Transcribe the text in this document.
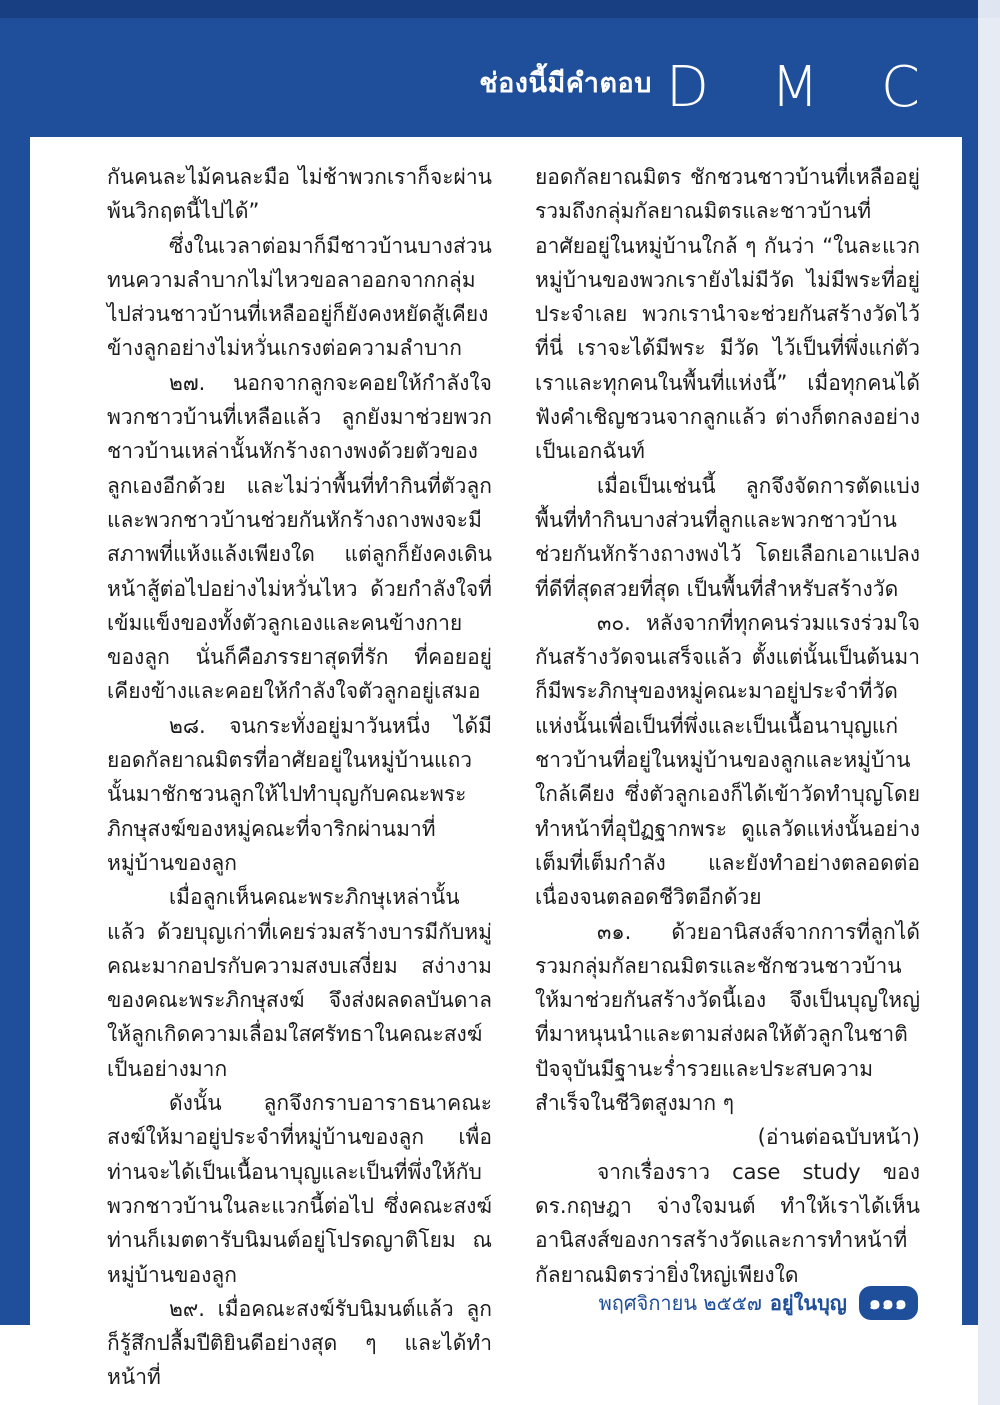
ช่องนี้มีคำตอบ D M C

กันคนละไม้คนละมือ ไม่ช้าพวกเราก็จะผ่านพ้นวิกฤตนี้ไปได้”

ซึ่งในเวลาต่อมาก็มีชาวบ้านบางส่วนทนความลำบากไม่ไหวขอลาออกจากกลุ่มไปส่วนชาวบ้านที่เหลืออยู่ก็ยังคงหยัดสู้เคียงข้างลูกอย่างไม่หวั่นเกรงต่อความลำบาก

๒๗. นอกจากลูกจะคอยให้กำลังใจพวกชาวบ้านที่เหลือแล้ว ลูกยังมาช่วยพวกชาวบ้านเหล่านั้นหักร้างถางพงด้วยตัวของลูกเองอีกด้วย และไม่ว่าพื้นที่ทำกินที่ตัวลูกและพวกชาวบ้านช่วยกันหักร้างถางพงจะมีสภาพที่แห้งแล้งเพียงใด แต่ลูกก็ยังคงเดินหน้าสู้ต่อไปอย่างไม่หวั่นไหว ด้วยกำลังใจที่เข้มแข็งของทั้งตัวลูกเองและคนข้างกายของลูก นั่นก็คือภรรยาสุดที่รัก ที่คอยอยู่เคียงข้างและคอยให้กำลังใจตัวลูกอยู่เสมอ

๒๘. จนกระทั่งอยู่มาวันหนึ่ง ได้มียอดกัลยาณมิตรที่อาศัยอยู่ในหมู่บ้านแถวนั้นมาชักชวนลูกให้ไปทำบุญกับคณะพระภิกษุสงฆ์ของหมู่คณะที่จาริกผ่านมาที่หมู่บ้านของลูก

เมื่อลูกเห็นคณะพระภิกษุเหล่านั้นแล้ว ด้วยบุญเก่าที่เคยร่วมสร้างบารมีกับหมู่คณะมากอปรกับความสงบเสงี่ยม สง่างาม ของคณะพระภิกษุสงฆ์ จึงส่งผลดลบันดาลให้ลูกเกิดความเลื่อมใสศรัทธาในคณะสงฆ์เป็นอย่างมาก

ดังนั้น ลูกจึงกราบอาราธนาคณะสงฆ์ให้มาอยู่ประจำที่หมู่บ้านของลูก เพื่อท่านจะได้เป็นเนื้อนาบุญและเป็นที่พึ่งให้กับพวกชาวบ้านในละแวกนี้ต่อไป ซึ่งคณะสงฆ์ท่านก็เมตตารับนิมนต์อยู่โปรดญาติโยม ณ หมู่บ้านของลูก

๒๙. เมื่อคณะสงฆ์รับนิมนต์แล้ว ลูกก็รู้สึกปลื้มปีติยินดีอย่างสุด ๆ และได้ทำหน้าที่

ยอดกัลยาณมิตร ชักชวนชาวบ้านที่เหลืออยู่รวมถึงกลุ่มกัลยาณมิตรและชาวบ้านที่อาศัยอยู่ในหมู่บ้านใกล้ ๆ กันว่า “ในละแวกหมู่บ้านของพวกเรายังไม่มีวัด ไม่มีพระที่อยู่ประจำเลย พวกเรานำจะช่วยกันสร้างวัดไว้ที่นี่ เราจะได้มีพระ มีวัด ไว้เป็นที่พึ่งแก่ตัวเราและทุกคนในพื้นที่แห่งนี้” เมื่อทุกคนได้ฟังคำเชิญชวนจากลูกแล้ว ต่างก็ตกลงอย่างเป็นเอกฉันท์

เมื่อเป็นเช่นนี้ ลูกจึงจัดการตัดแบ่งพื้นที่ทำกินบางส่วนที่ลูกและพวกชาวบ้านช่วยกันหักร้างถางพงไว้ โดยเลือกเอาแปลงที่ดีที่สุดสวยที่สุด เป็นพื้นที่สำหรับสร้างวัด

๓๐. หลังจากที่ทุกคนร่วมแรงร่วมใจกันสร้างวัดจนเสร็จแล้ว ตั้งแต่นั้นเป็นต้นมาก็มีพระภิกษุของหมู่คณะมาอยู่ประจำที่วัดแห่งนั้นเพื่อเป็นที่พึ่งและเป็นเนื้อนาบุญแก่ชาวบ้านที่อยู่ในหมู่บ้านของลูกและหมู่บ้านใกล้เคียง ซึ่งตัวลูกเองก็ได้เข้าวัดทำบุญโดยทำหน้าที่อุปัฏฐากพระ ดูแลวัดแห่งนั้นอย่างเต็มที่เต็มกำลัง และยังทำอย่างตลอดต่อเนื่องจนตลอดชีวิตอีกด้วย

๓๑. ด้วยอานิสงส์จากการที่ลูกได้รวมกลุ่มกัลยาณมิตรและชักชวนชาวบ้านให้มาช่วยกันสร้างวัดนี้เอง จึงเป็นบุญใหญ่ที่มาหนุนนำและตามส่งผลให้ตัวลูกในชาติปัจจุบันมีฐานะร่ำรวยและประสบความสำเร็จในชีวิตสูงมาก ๆ

(อ่านต่อฉบับหน้า)

จากเรื่องราว case study ของ ดร.กฤษฎา จ่างใจมนต์ ทำให้เราได้เห็นอานิสงส์ของการสร้างวัดและการทำหน้าที่กัลยาณมิตรว่ายิ่งใหญ่เพียงใด

พฤศจิกายน ๒๕๕๗ อยู่ในบุญ	๑๑๑
